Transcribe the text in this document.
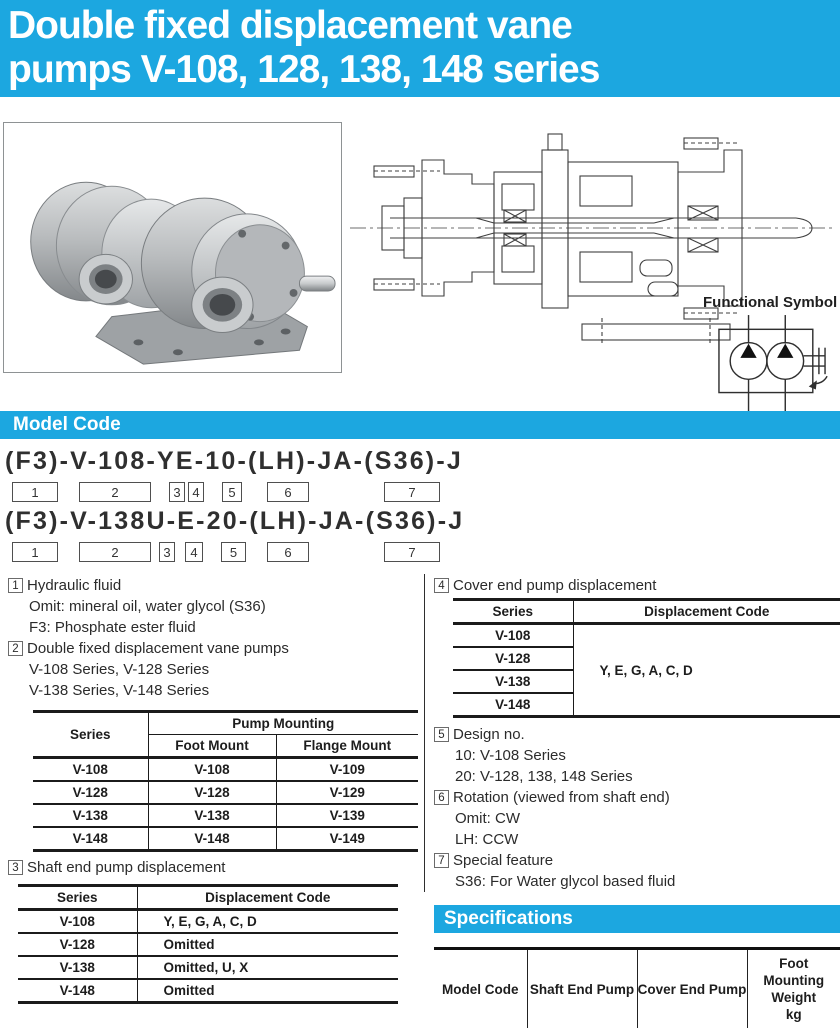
Double fixed displacement vane
pumps V-108, 128, 138, 148 series
Functional Symbol
Model Code
(F3)-V-108-YE-10-(LH)-JA-(S36)-J
1	2	3 4	5	6	7
(F3)-V-138U-E-20-(LH)-JA-(S36)-J
1	2	3	4	5	6	7
1 Hydraulic fluid
Omit: mineral oil, water glycol (S36)
F3: Phosphate ester fluid
2 Double fixed displacement vane pumps
V-108 Series, V-128 Series
V-138 Series, V-148 Series
Series	Pump Mounting	
	Foot Mount	Flange Mount
V-108	V-108	V-109
V-128	V-128	V-129
V-138	V-138	V-139
V-148	V-148	V-149
3 Shaft end pump displacement
Series	Displacement Code
V-108	Y, E, G, A, C, D
V-128	Omitted
V-138	Omitted, U, X
V-148	Omitted
4 Cover end pump displacement
Series	Displacement Code
V-108	Y, E, G, A, C, D
V-128	
V-138	
V-148	
5 Design no.
10: V-108 Series
20: V-128, 138, 148 Series
6 Rotation (viewed from shaft end)
Omit: CW
LH: CCW
7 Special feature
S36: For Water glycol based fluid
Specifications
Model Code	Shaft End Pump	Cover End Pump	
Foot Mounting
Weight
kg
